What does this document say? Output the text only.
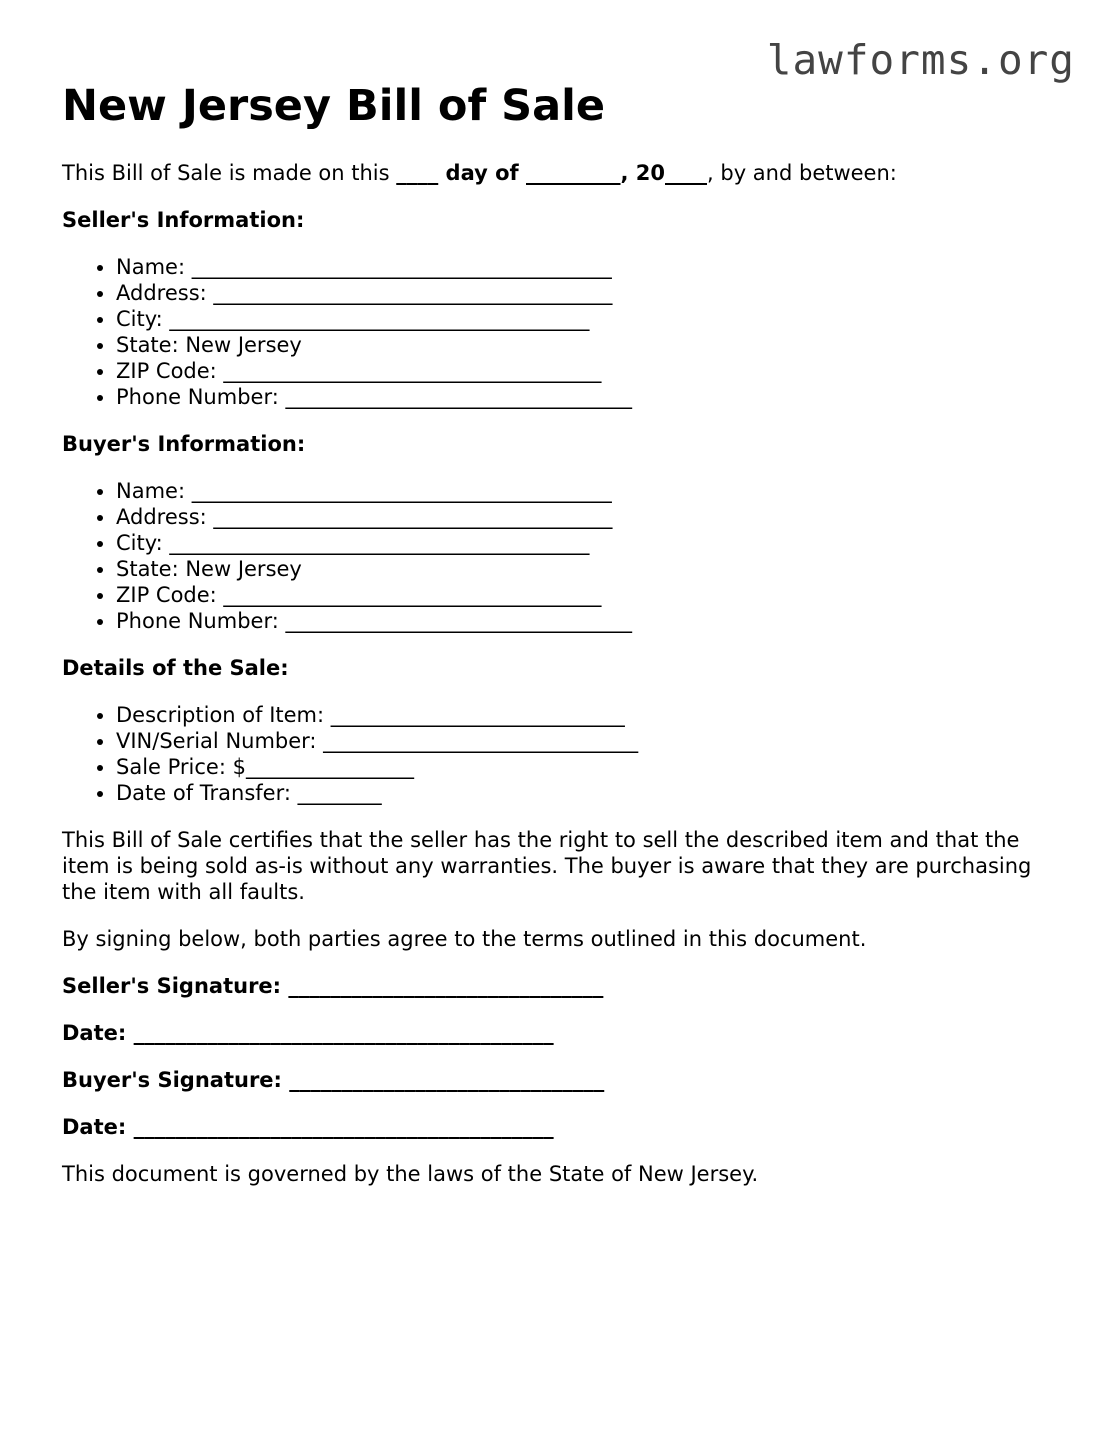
lawforms.org
New Jersey Bill of Sale

This Bill of Sale is made on this ____ day of _________, 20____, by and between:

Seller's Information:

• Name: ________________________________________
• Address: ______________________________________
• City: ________________________________________
• State: New Jersey
• ZIP Code: ____________________________________
• Phone Number: _________________________________

Buyer's Information:

• Name: ________________________________________
• Address: ______________________________________
• City: ________________________________________
• State: New Jersey
• ZIP Code: ____________________________________
• Phone Number: _________________________________

Details of the Sale:

• Description of Item: ____________________________
• VIN/Serial Number: ______________________________
• Sale Price: $________________
• Date of Transfer: ________

This Bill of Sale certifies that the seller has the right to sell the described item and that the item is being sold as-is without any warranties. The buyer is aware that they are purchasing the item with all faults.

By signing below, both parties agree to the terms outlined in this document.

Seller's Signature: ______________________________

Date: ________________________________________

Buyer's Signature: ______________________________

Date: ________________________________________

This document is governed by the laws of the State of New Jersey.
